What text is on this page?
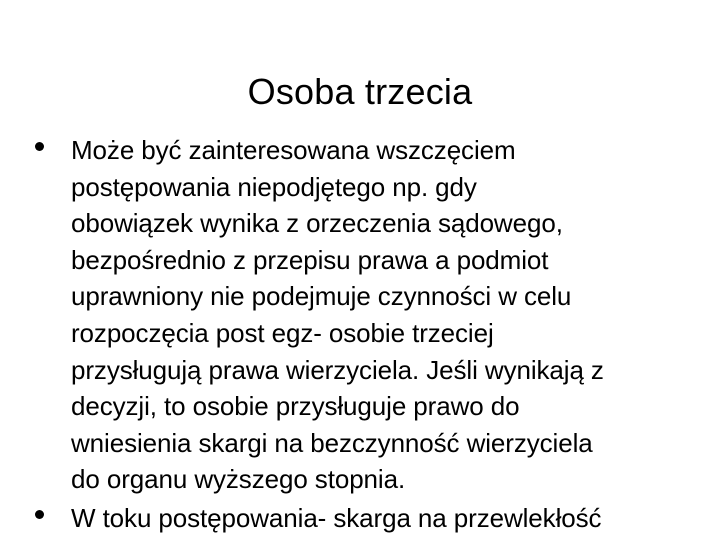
Osoba trzecia
Może być zainteresowana wszczęciem
postępowania niepodjętego np. gdy
obowiązek wynika z orzeczenia sądowego,
bezpośrednio z przepisu prawa a podmiot
uprawniony nie podejmuje czynności w celu
rozpoczęcia post egz- osobie trzeciej
przysługują prawa wierzyciela. Jeśli wynikają z
decyzji, to osobie przysługuje prawo do
wniesienia skargi na bezczynność wierzyciela
do organu wyższego stopnia.
W toku postępowania- skarga na przewlekłość
